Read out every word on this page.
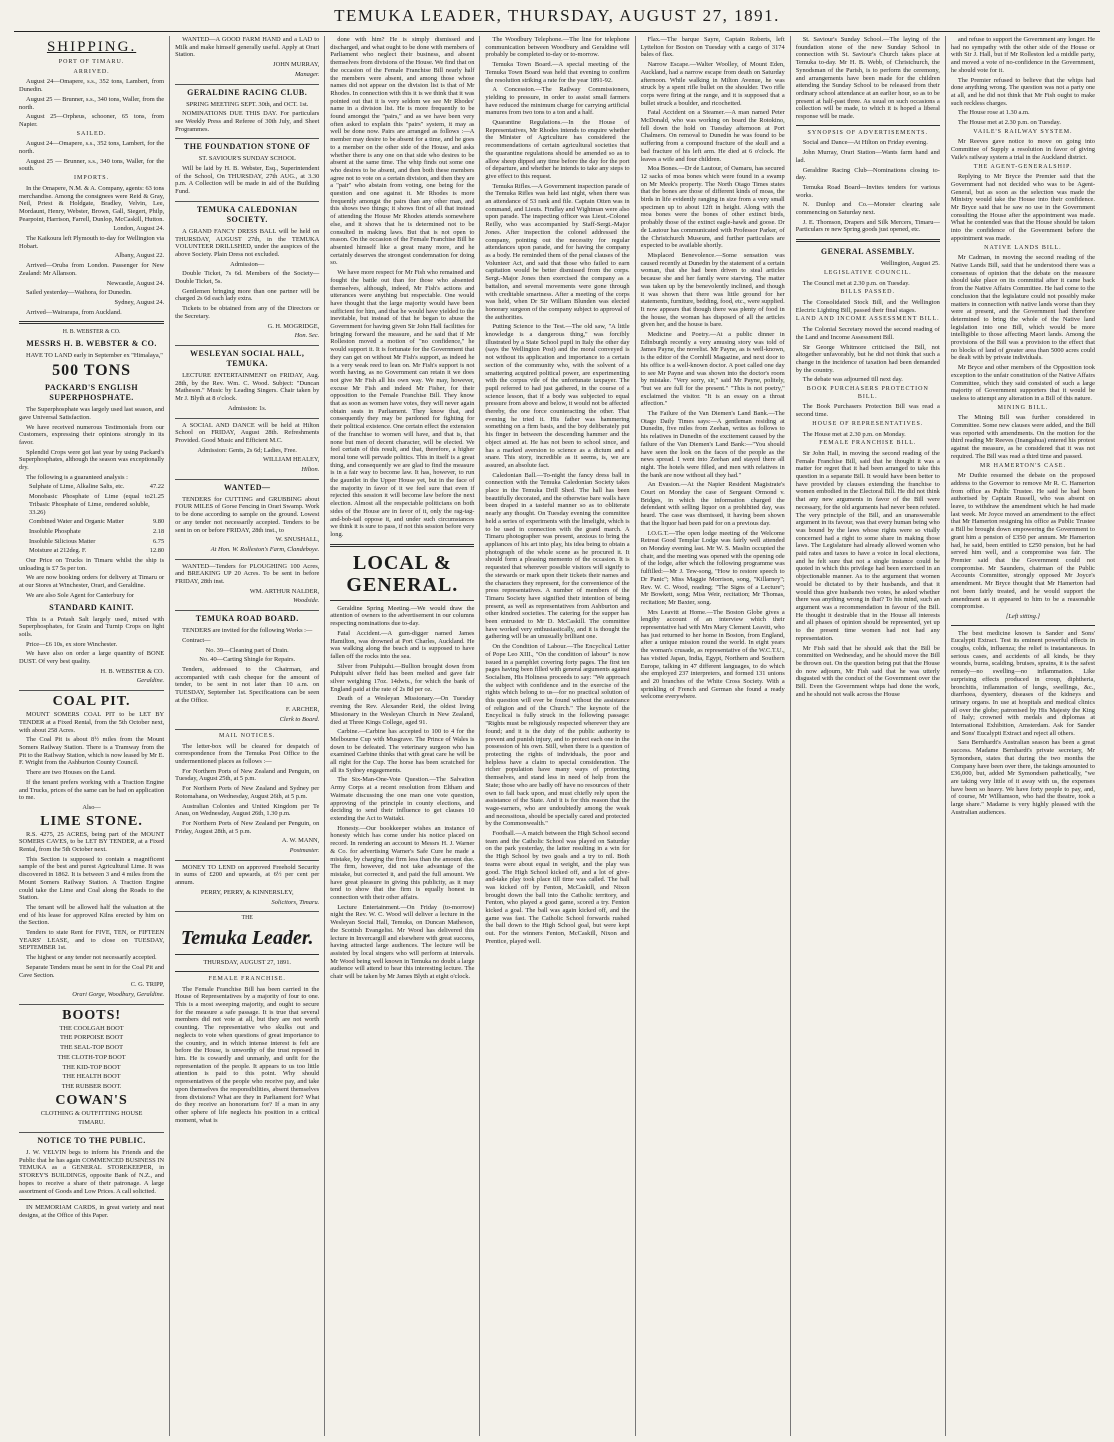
TEMUKA LEADER, THURSDAY, AUGUST 27, 1891.
SHIPPING.
PORT OF TIMARU.
ARRIVED.

August 24—Omapere, s.s., 352 tons, Lambert, from Dunedin.

August 25 — Brunner, s.s., 340 tons, Waller, from the north.

August 25—Orpheus, schooner, 65 tons, from Napier.

SAILED.

August 24—Omapere, s.s., 352 tons, Lambert, for the north.

August 25 — Brunner, s.s., 340 tons, Waller, for the south.

IMPORTS.

In the Omapere, N.M. & A. Company, agents: 63 tons merchandise. Among the consignees were Reid & Gray, Neil, Priest & Holdgate, Bradley, Velvin, Lee, Mordaunt, Henry, Webster, Brown, Gall, Siegert, Philp, Pearpoint, Harrison, Farrell, Dunlop, McCaskill, Hutton.

London, August 24.

The Kaikoura left Plymouth to-day for Wellington via Hobart.

Albany, August 22.

Arrived—Oruba from London. Passenger for New Zealand: Mr Allanson.

Newcastle, August 24.

Sailed yesterday—Waihora, for Dunedin.

Sydney, August 24.

Arrived—Wairarapa, from Auckland.

H. B. WEBSTER & CO.
MESSRS H. B. WEBSTER & CO.

HAVE TO LAND early in September ex "Himalaya,"

500 TONS
PACKARD'S ENGLISH SUPERPHOSPHATE.

The Superphosphate was largely used last season, and gave Universal Satisfaction.

We have received numerous Testimonials from our Customers, expressing their opinions strongly in its favor.

Splendid Crops were got last year by using Packard's Superphosphates, although the season was exceptionally dry.

The following is a guaranteed analysis :

Sulphate of Lime, Alkaline Salts, etc.	47.22

Monobasic Phosphate of Lime (equal to Tribasic Phosphate of Lime, rendered soluble, 33.26)
21.25

Combined Water and Organic Matter	9.80

Insoluble Phosphate	2.18

Insoluble Silicious Matter	6.75

Moisture at 212deg. F.	12.80

Our Price on Trucks in Timaru whilst the ship is unloading is £7 5s per ton.

We are now booking orders for delivery at Timaru or at our Stores at Winchester, Orari, and Geraldine.

We are also Sole Agent for Canterbury for

STANDARD KAINIT.

This is a Potash Salt largely used, mixed with Superphosphates, for Grain and Turnip Crops on light soils.

Price—£6 10s, ex store Winchester.

We have also on order a large quantity of BONE DUST. Of very best quality.

H. B. WEBSTER & CO.

Geraldine.

COAL PIT.

MOUNT SOMERS COAL PIT to be LET BY TENDER at a Fixed Rental, from the 5th October next, with about 258 Acres.

The Coal Pit is about 8½ miles from the Mount Somers Railway Station. There is a Tramway from the Pit to the Railway Station, which is now leased by Mr E. F. Wright from the Ashburton County Council.

There are two Houses on the Land.

If the tenant prefers working with a Traction Engine and Trucks, prices of the same can be had on application to me.

Also—

LIME STONE.

R.S. 4275, 25 ACRES, being part of the MOUNT SOMERS CAVES, to be LET BY TENDER, at a Fixed Rental, from the 5th October next.

This Section is supposed to contain a magnificent sample of the best and purest Agricultural Lime. It was discovered in 1862. It is between 3 and 4 miles from the Mount Somers Railway Station. A Traction Engine could take the Lime and Coal along the Roads to the Station.

The tenant will be allowed half the valuation at the end of his lease for approved Kilns erected by him on the Section.

Tenders to state Rent for FIVE, TEN, or FIFTEEN YEARS' LEASE, and to close on TUESDAY, SEPTEMBER 1st.

The highest or any tender not necessarily accepted.

Separate Tenders must be sent in for the Coal Pit and Cave Section.

C. G. TRIPP,

Orari Gorge, Woodbury, Geraldine.

BOOTS!

THE COOLGAH BOOT

THE PORPOISE BOOT

THE SEAL-TOP BOOT

THE CLOTH-TOP BOOT

THE KID-TOP BOOT

THE HEALTH BOOT

THE RUBBER BOOT.

COWAN'S

CLOTHING & OUTFITTING HOUSE

TIMARU.

NOTICE TO THE PUBLIC.

J. W. VELVIN begs to inform his Friends and the Public that he has again COMMENCED BUSINESS IN TEMUKA as a GENERAL STOREKEEPER, in STOREY'S BUILDINGS, opposite Bank of N.Z., and hopes to receive a share of their patronage. A large assortment of Goods and Low Prices. A call solicited.

IN MEMORIAM CARDS, in great variety and neat designs, at the Office of this Paper.

WANTED—A GOOD FARM HAND and a LAD to Milk and make himself generally useful. Apply at Orari Station.

JOHN MURRAY,

Manager.

GERALDINE RACING CLUB.

SPRING MEETING SEPT. 30th, and OCT. 1st.

NOMINATIONS DUE THIS DAY. For particulars see Weekly Press and Referee of 30th July, and Sheet Programmes.

THE FOUNDATION STONE OF

ST. SAVIOUR'S SUNDAY SCHOOL

Will be laid by H. B. Webster, Esq., Superintendent of the School, On THURSDAY, 27th AUG., at 3.30 p.m. A Collection will be made in aid of the Building Fund.

TEMUKA CALEDONIAN SOCIETY.

A GRAND FANCY DRESS BALL will be held on THURSDAY, AUGUST 27th, in the TEMUKA VOLUNTEER DRILLSHED, under the auspices of the above Society. Plain Dress not excluded.

Admission—

Double Ticket, 7s 6d. Members of the Society—Double Ticket, 5s.

Gentlemen bringing more than one partner will be charged 2s 6d each lady extra.

Tickets to be obtained from any of the Directors or the Secretary.

G. H. MOGRIDGE,

Hon. Sec.

WESLEYAN SOCIAL HALL, TEMUKA.

LECTURE ENTERTAINMENT on FRIDAY, Aug. 28th, by the Rev. Wm. C. Wood. Subject: "Duncan Matheson." Music by Leading Singers. Chair taken by Mr J. Blyth at 8 o'clock.

Admission: 1s.

A SOCIAL AND DANCE will be held at Hilton School on FRIDAY, August 28th. Refreshments Provided. Good Music and Efficient M.C.

Admission: Gents, 2s 6d; Ladies, Free.

WILLIAM HEALEY,

Hilton.

WANTED—

TENDERS for CUTTING and GRUBBING about FOUR MILES of Gorse Fencing in Orari Swamp. Work to be done according to sample on the ground. Lowest or any tender not necessarily accepted. Tenders to be sent in on or before FRIDAY, 28th inst., to

W. SNUSHALL,

At Hon. W. Rolleston's Farm, Clandeboye.

WANTED—Tenders for PLOUGHING 100 Acres, and BREAKING UP 20 Acres. To be sent in before FRIDAY, 28th inst.

WM. ARTHUR NALDER,

Woodside.

TEMUKA ROAD BOARD.

TENDERS are invited for the following Works :—

Contract—

No. 39—Cleaning part of Drain.

No. 40—Carting Shingle for Repairs.

Tenders, addressed to the Chairman, and accompanied with cash cheque for the amount of tender, to be sent in not later than 10 a.m. on TUESDAY, September 1st. Specifications can be seen at the Office.

F. ARCHER,

Clerk to Board.

MAIL NOTICES.

The letter-box will be cleared for despatch of correspondence from the Temuka Post Office to the undermentioned places as follows :—

For Northern Ports of New Zealand and Penguin, on Tuesday, August 25th, at 5 p.m.

For Northern Ports of New Zealand and Sydney per Rotomahana, on Wednesday, August 26th, at 5 p.m.

Australian Colonies and United Kingdom per Te Anau, on Wednesday, August 26th, 1.30 p.m.

For Northern Ports of New Zealand per Penguin, on Friday, August 28th, at 5 p.m.

A. W. MANN,

Postmaster.

MONEY TO LEND on approved Freehold Security in sums of £200 and upwards, at 6½ per cent per annum.

PERRY, PERRY, & KINNERSLEY,

Solicitors, Timaru.

THE
Temuka Leader.
THURSDAY, AUGUST 27, 1891.
FEMALE FRANCHISE.

The Female Franchise Bill has been carried in the House of Representatives by a majority of four to one. This is a most sweeping majority, and ought to secure for the measure a safe passage. It is true that several members did not vote at all, but they are not worth counting. The representative who skulks out and neglects to vote when questions of great importance to the country, and in which intense interest is felt are before the House, is unworthy of the trust reposed in him. He is cowardly and unmanly, and unfit for the representation of the people. It appears to us too little attention is paid to this point. Why should representatives of the people who receive pay, and take upon themselves the responsibilities, absent themselves from divisions? What are they in Parliament for? What do they receive an honorarium for? If a man in any other sphere of life neglects his position in a critical moment, what is

done with him? He is simply dismissed and discharged, and what ought to be done with members of Parliament who neglect their business, and absent themselves from divisions of the House. We find that on the occasion of the Female Franchise Bill nearly half the members were absent, and among those whose names did not appear on the division list is that of Mr Rhodes. In connection with this it is we think that it was pointed out that it is very seldom we see Mr Rhodes' name in a division list. He is more frequently to be found amongst the "pairs," and as we have been very often asked to explain this "pairs" system, it may as well be done now. Pairs are arranged as follows :—A member may desire to be absent for a time, and he goes to a member on the other side of the House, and asks whether there is any one on that side who desires to be absent at the same time. The whip finds out some one who desires to be absent, and then both these members agree not to vote on a certain division, and then they are a "pair" who abstain from voting, one being for the question and one against it. Mr Rhodes is more frequently amongst the pairs than any other man, and this shows two things; it shows first of all that instead of attending the House Mr Rhodes attends somewhere else, and it shows that he is determined not to be consulted in making laws. But that is not open to reason. On the occasion of the Female Franchise Bill he absented himself like a great many more, and he certainly deserves the strongest condemnation for doing so.

We have more respect for Mr Fish who remained and fought the battle out than for those who absented themselves, although, indeed, Mr Fish's actions and utterances were anything but respectable. One would have thought that the large majority would have been sufficient for him, and that he would have yielded to the inevitable, but instead of that he began to abuse the Government for having given Sir John Hall facilities for bringing forward the measure, and he said that if Mr Rolleston moved a motion of "no confidence," he would support it. It is fortunate for the Government that they can get on without Mr Fish's support, as indeed he is a very weak reed to lean on. Mr Fish's support is not worth having, as no Government can retain it we does not give Mr Fish all his own way. We may, however, excuse Mr Fish and indeed Mr Fisher, for their opposition to the Female Franchise Bill. They know that as soon as women have votes, they will never again obtain seats in Parliament. They know that, and consequently they may be pardoned for fighting for their political existence. One certain effect the extension of the franchise to women will have, and that is, that none but men of decent character, will be elected. We feel certain of this result, and that, therefore, a higher moral tone will pervade politics. This in itself is a great thing, and consequently we are glad to find the measure is in a fair way to become law. It has, however, to run the gauntlet in the Upper House yet, but in the face of the majority in favor of it we feel sure that even if rejected this session it will become law before the next election. Almost all the respectable politicians on both sides of the House are in favor of it, only the rag-tag-and-bob-tail oppose it, and under such circumstances we think it is sure to pass, if not this session before very long.

LOCAL & GENERAL.

Geraldine Spring Meeting.—We would draw the attention of owners to the advertisement in our columns respecting nominations due to-day.

Fatal Accident.—A gum-digger named James Hamilton, was drowned at Port Charles, Auckland. He was walking along the beach and is supposed to have fallen off the rocks into the sea.

Silver from Puhipuhi.—Bullion brought down from Puhipuhi silver field has been melted and gave fair silver weighing 17oz. 14dwts., for which the bank of England paid at the rate of 2s 8d per oz.

Death of a Wesleyan Missionary.—On Tuesday evening the Rev. Alexander Reid, the oldest living Missionary in the Wesleyan Church in New Zealand, died at Three Kings College, aged 91.

Carbine.—Carbine has accepted to 100 to 4 for the Melbourne Cup with Musgrave. The Prince of Wales is down to be defeated. The veterinary surgeon who has examined Carbine thinks that with great care he will be all right for the Cup. The horse has been scratched for all its Sydney engagements.

The Six-Man-One-Vote Question.—The Salvation Army Corps at a recent resolution from Eltham and Waimate discussing the one man one vote question, approving of the principle in county elections, and deciding to send their influence to get clauses 10 extending the Act to Waitaki.

Honesty.—Our bookkeeper wishes an instance of honesty which has come under his notice placed on record. In rendering an account to Messrs H. J. Warner & Co. for advertising Warner's Safe Cure he made a mistake, by charging the firm less than the amount due. The firm, however, did not take advantage of the mistake, but corrected it, and paid the full amount. We have great pleasure in giving this publicity, as it may tend to show that the firm is equally honest in connection with their other affairs.

Lecture Entertainment.—On Friday (to-morrow) night the Rev. W. C. Wood will deliver a lecture in the Wesleyan Social Hall, Temuka, on Duncan Matheson, the Scottish Evangelist. Mr Wood has delivered this lecture in Invercargill and elsewhere with great success, having attracted large audiences. The lecture will be assisted by local singers who will perform at intervals. Mr Wood being well known in Temuka no doubt a large audience will attend to hear this interesting lecture. The chair will be taken by Mr James Blyth at eight o'clock.

The Woodbury Telephone.—The line for telephone communication between Woodbury and Geraldine will probably be completed to-day or to-morrow.

Temuka Town Board.—A special meeting of the Temuka Town Board was held that evening to confirm the resolution striking a rate for the year 1891-92.

A Concession.—The Railway Commissioners, yielding to pressure, in order to assist small farmers have reduced the minimum charge for carrying artificial manures from two tons to a ton and a half.

Quarantine Regulations.—In the House of Representatives, Mr Rhodes intends to enquire whether the Minister of Agriculture has considered the recommendations of certain agricultural societies that the quarantine regulations should be amended so as to allow sheep dipped any time before the day for the port of departure, and whether he intends to take any steps to give effect to this request.

Temuka Rifles.—A Government inspection parade of the Temuka Rifles was held last night, when there was an attendance of 53 rank and file. Captain Otten was in command, and Lieuts. Findlay and Wightman were also upon parade. The inspecting officer was Lieut.-Colonel Reilly, who was accompanied by Staff-Sergt.-Major Jones. After inspection the colonel addressed the company, pointing out the necessity for regular attendances upon parade, and for having the company as a body. He reminded them of the penal clauses of the Volunteer Act, and said that those who failed to earn capitation would be better dismissed from the corps. Sergt.-Major Jones then exercised the company as a battalion, and several movements were gone through with creditable smartness. After a meeting of the corps was held, when Dr Sir William Blunden was elected honorary surgeon of the company subject to approval of the authorities.

Putting Science to the Test.—The old saw, "A little knowledge is a dangerous thing," was forcibly illustrated by a State School pupil in Italy the other day (says the Wellington Post) and the moral conveyed is not without its application and importance to a certain section of the community who, with the solvent of a smattering acquired political power, are experimenting with the corpus vile of the unfortunate taxpayer. The pupil referred to had just gathered, in the course of a science lesson, that if a body was subjected to equal pressure from above and below, it would not be affected thereby, the one force counteracting the other. That evening he tried it. His father was hammering something on a firm basis, and the boy deliberately put his finger in between the descending hammer and the object aimed at. He has not been to school since, and has a marked aversion to science as a dictum and a snare. This story, incredible as it seems, is, we are assured, an absolute fact.

Caledonian Ball.—To-night the fancy dress ball in connection with the Temuka Caledonian Society takes place in the Temuka Drill Shed. The hall has been beautifully decorated, and the otherwise bare walls have been draped in a tasteful manner so as to obliterate nearly any thought. On Tuesday evening the committee held a series of experiments with the limelight, which is to be used in connection with the grand march. A Timaru photographer was present, anxious to bring the appliances of his art into play, his idea being to obtain a photograph of the whole scene as he procured it. It should form a pleasing memento of the occasion. It is requested that wherever possible visitors will signify to the stewards or mark upon their tickets their names and the characters they represent, for the convenience of the press representatives. A number of members of the Timaru Society have signified their intention of being present, as well as representatives from Ashburton and other kindred societies. The catering for the supper has been entrusted to Mr D. McCaskill. The committee have worked very enthusiastically, and it is thought the gathering will be an unusually brilliant one.

On the Condition of Labour.—The Encyclical Letter of Pope Leo XIII., "On the condition of labour" is now issued in a pamphlet covering forty pages. The first ten pages having been filled with general arguments against Socialism, His Holiness proceeds to say: "We approach the subject with confidence and in the exercise of the rights which belong to us—for no practical solution of this question will ever be found without the assistance of religion and of the Church." The keynote of the Encyclical is fully struck in the following passage: "Rights must be religiously respected wherever they are found; and it is the duty of the public authority to prevent and punish injury, and to protect each one in the possession of his own. Still, when there is a question of protecting the rights of individuals, the poor and helpless have a claim to special consideration. The richer population have many ways of protecting themselves, and stand less in need of help from the State; those who are badly off have no resources of their own to fall back upon, and must chiefly rely upon the assistance of the State. And it is for this reason that the wage-earners, who are undoubtedly among the weak and necessitous, should be specially cared and protected by the Commonwealth."

Football.—A match between the High School second team and the Catholic School was played on Saturday on the park yesterday, the latter resulting in a win for the High School by two goals and a try to nil. Both teams were about equal in weight, and the play was good. The High School kicked off, and a lot of give-and-take play took place till time was called. The ball was kicked off by Fenton, McCaskill, and Nixon brought down the ball into the Catholic territory, and Fenton, who played a good game, scored a try. Fenton kicked a goal. The ball was again kicked off, and the game was fast. The Catholic School forwards rushed the ball down to the High School goal, but were kept out. For the winners Fenton, McCaskill, Nixon and Prentice, played well.

Flax.—The barque Sayre, Captain Roberts, left Lyttelton for Boston on Tuesday with a cargo of 3174 bales of flax.

Narrow Escape.—Walter Woolley, of Mount Eden, Auckland, had a narrow escape from death on Saturday afternoon. While walking in Milton Avenue, he was struck by a spent rifle bullet on the shoulder. Two rifle corps were firing at the range, and it is supposed that a bullet struck a boulder, and ricochetted.

Fatal Accident on a Steamer.—A man named Peter McDonald, who was working on board the Rotokino, fell down the hold on Tuesday afternoon at Port Chalmers. On removal to Dunedin he was found to be suffering from a compound fracture of the skull and a bad fracture of his left arm. He died at 6 o'clock. He leaves a wife and four children.

Moa Bones.—Dr de Lautour, of Oamaru, has secured 12 sacks of moa bones which were found in a swamp on Mr Meek's property. The North Otago Times states that the bones are those of different kinds of moas, the birds in life evidently ranging in size from a very small specimen up to about 12ft in height. Along with the moa bones were the bones of other extinct birds, probably those of the extinct eagle-hawk and goose. Dr de Lautour has communicated with Professor Parker, of the Christchurch Museum, and further particulars are expected to be available shortly.

Misplaced Benevolence.—Some sensation was caused recently at Dunedin by the statement of a certain woman, that she had been driven to steal articles because she and her family were starving. The matter was taken up by the benevolently inclined, and though it was shown that there was little ground for her statements, furniture, bedding, food, etc., were supplied. It now appears that though there was plenty of food in the house, the woman has disposed of all the articles given her, and the house is bare.

Medicine and Poetry.—At a public dinner in Edinburgh recently a very amusing story was told of James Payne, the novelist. Mr Payne, as is well-known, is the editor of the Cornhill Magazine, and next door to his office is a well-known doctor. A poet called one day to see Mr Payne and was shown into the doctor's room by mistake. "Very sorry, sir," said Mr Payne, politely, "but we are full for the present." "This is not poetry," exclaimed the visitor. "It is an essay on a throat affection."

The Failure of the Van Diemen's Land Bank.—The Otago Daily Times says:—A gentleman residing at Dunedin, five miles from Zeehan, writes as follows to his relatives in Dunedin of the excitement caused by the failure of the Van Diemen's Land Bank:—"You should have seen the look on the faces of the people as the news spread. I went into Zeehan and stayed there all night. The hotels were filled, and men with relatives in the bank are now without all they had."

An Evasion.—At the Napier Resident Magistrate's Court on Monday the case of Sergeant Ormond v. Bridges, in which the information charged the defendant with selling liquor on a prohibited day, was heard. The case was dismissed, it having been shown that the liquor had been paid for on a previous day.

I.O.G.T.—The open lodge meeting of the Welcome Retreat Good Templar Lodge was fairly well attended on Monday evening last. Mr W. S. Maslin occupied the chair, and the meeting was opened with the opening ode of the lodge, after which the following programme was fulfilled:—Mr J. Tew-song, "How to restore speech to Dr Panic"; Miss Maggie Morrison, song, "Killarney"; Rev. W. C. Wood, reading; "The Signs of a Lecture"; Mr Bowkett, song; Miss Weir, recitation; Mr Thomas, recitation; Mr Baxter, song.

Mrs Leavitt at Home.—The Boston Globe gives a lengthy account of an interview which their representative had with Mrs Mary Clement Leavitt, who has just returned to her home in Boston, from England, after a unique mission round the world. In eight years the woman's crusade, as representative of the W.C.T.U., has visited Japan, India, Egypt, Northern and Southern Europe, talking in 47 different languages, to do which she employed 237 interpreters, and formed 131 unions and 20 branches of the White Cross Society. With a sprinkling of French and German she found a ready welcome everywhere.

St. Saviour's Sunday School.—The laying of the foundation stone of the new Sunday School in connection with St. Saviour's Church takes place at Temuka to-day. Mr H. B. Webb, of Christchurch, the Synodsman of the Parish, is to perform the ceremony, and arrangements have been made for the children attending the Sunday School to be released from their ordinary school attendance at an earlier hour, so as to be present at half-past three. As usual on such occasions a collection will be made, to which it is hoped a liberal response will be made.

SYNOPSIS OF ADVERTISEMENTS.

Social and Dance—At Hilton on Friday evening.

John Murray, Orari Station—Wants farm hand and lad.

Geraldine Racing Club—Nominations closing to-day.

Temuka Road Board—Invites tenders for various works.

N. Dunlop and Co.—Monster clearing sale commencing on Saturday next.

J. E. Thomson, Drapers and Silk Mercers, Timaru—Particulars re new Spring goods just opened, etc.

GENERAL ASSEMBLY.

Wellington, August 25.

LEGISLATIVE COUNCIL.

The Council met at 2.30 p.m. on Tuesday.

BILLS PASSED.

The Consolidated Stock Bill, and the Wellington Electric Lighting Bill, passed their final stages.

LAND AND INCOME ASSESSMENT BILL.

The Colonial Secretary moved the second reading of the Land and Income Assessment Bill.

Sir George Whitmore criticised the Bill, not altogether unfavorably, but he did not think that such a change in the incidence of taxation had been demanded by the country.

The debate was adjourned till next day.

BOOK PURCHASERS PROTECTION BILL.

The Book Purchasers Protection Bill was read a second time.

HOUSE OF REPRESENTATIVES.

The House met at 2.30 p.m. on Monday.

FEMALE FRANCHISE BILL.

Sir John Hall, in moving the second reading of the Female Franchise Bill, said that he thought it was a matter for regret that it had been arranged to take this question in a separate Bill. It would have been better to have provided by clauses extending the franchise to women embodied in the Electoral Bill. He did not think that any new arguments in favor of the Bill were necessary, for the old arguments had never been refuted. The very principle of the Bill, and an unanswerable argument in its favour, was that every human being who was bound by the laws whose rights were so vitally concerned had a right to some share in making those laws. The Legislature had already allowed women who paid rates and taxes to have a voice in local elections, and he felt sure that not a single instance could be quoted in which this privilege had been exercised in an objectionable manner. As to the argument that women would be dictated to by their husbands, and that it would thus give husbands two votes, he asked whether there was anything wrong in that? To his mind, such an argument was a recommendation in favour of the Bill. He thought it desirable that in the House all interests and all phases of opinion should be represented, yet up to the present time women had not had any representation.

Mr Fish said that he should ask that the Bill be committed on Wednesday, and he should move the Bill be thrown out. On the question being put that the House do now adjourn, Mr Fish said that he was utterly disgusted with the conduct of the Government over the Bill. Even the Government whips had done the work, and he should not walk across the House

and refuse to support the Government any longer. He had no sympathy with the other side of the House or with Sir J. Hall, but if Mr Rolleston led a middle party, and moved a vote of no-confidence in the Government, he should vote for it.

The Premier refused to believe that the whips had done anything wrong. The question was not a party one at all, and he did not think that Mr Fish ought to make such reckless charges.

The House rose at 1.30 a.m.

The House met at 2.30 p.m. on Tuesday.

VAILE'S RAILWAY SYSTEM.

Mr Reeves gave notice to move on going into Committee of Supply a resolution in favor of giving Vaile's railway system a trial in the Auckland district.

THE AGENT-GENERALSHIP.

Replying to Mr Bryce the Premier said that the Government had not decided who was to be Agent-General, but as soon as the selection was made the Ministry would take the House into their confidence. Mr Bryce said that he saw no use in the Government consulting the House after the appointment was made. What he contended was that the House should be taken into the confidence of the Government before the appointment was made.

NATIVE LANDS BILL.

Mr Cadman, in moving the second reading of the Native Lands Bill, said that he understood there was a consensus of opinion that the debate on the measure should take place on its committal after it came back from the Native Affairs Committee. He had come to the conclusion that the legislature could not possibly make matters in connection with native lands worse than they were at present, and the Government had therefore determined to bring the whole of the Native land legislation into one Bill, which would be more intelligible to those affecting Maori lands. Among the provisions of the Bill was a provision to the effect that no blocks of land of greater area than 5000 acres could be dealt with by private individuals.

Mr Bryce and other members of the Opposition took exception to the unfair constitution of the Native Affairs Committee, which they said consisted of such a large majority of Government supporters that it would be useless to attempt any alteration in a Bill of this nature.

MINING BILL.

The Mining Bill was further considered in Committee. Some new clauses were added, and the Bill was reported with amendments. On the motion for the third reading Mr Reeves (Inangahua) entered his protest against the measure, as he considered that it was not required. The Bill was read a third time and passed.

MR HAMERTON'S CASE.

Mr Duthie resumed the debate on the proposed address to the Governor to remove Mr R. C. Hamerton from office as Public Trustee. He said he had been authorised by Captain Russell, who was absent on leave, to withdraw the amendment which he had made last week. Mr Joyce moved an amendment to the effect that Mr Hamerton resigning his office as Public Trustee a Bill be brought down empowering the Government to grant him a pension of £350 per annum. Mr Hamerton had, he said, been entitled to £250 pension, but he had served him well, and a compromise was fair. The Premier said that the Government could not compromise. Mr Saunders, chairman of the Public Accounts Committee, strongly opposed Mr Joyce's amendment. Mr Bryce thought that Mr Hamerton had not been fairly treated, and he would support the amendment as it appeared to him to be a reasonable compromise.

[Left sitting.]

The best medicine known is Sander and Sons' Eucalypti Extract. Test its eminent powerful effects in coughs, colds, influenza; the relief is instantaneous. In serious cases, and accidents of all kinds, be they wounds, burns, scalding, bruises, sprains, it is the safest remedy—no swelling—no inflammation. Like surprising effects produced in croup, diphtheria, bronchitis, inflammation of lungs, swellings, &c., diarrhoea, dysentery, diseases of the kidneys and urinary organs. In use at hospitals and medical clinics all over the globe; patronised by His Majesty the King of Italy; crowned with medals and diplomas at International Exhibition, Amsterdam. Ask for Sander and Sons' Eucalypti Extract and reject all others.

Sara Bernhardt's Australian season has been a great success. Madame Bernhardt's private secretary, Mr Symondsen, states that during the two months the Company have been over there, the takings amounted to £36,000, but, added Mr Symondsen pathetically, "we are taking very little of it away with us, the expenses have been so heavy. We have forty people to pay, and, of course, Mr Williamson, who had the theatre, took a large share." Madame is very highly pleased with the Australian audiences.
